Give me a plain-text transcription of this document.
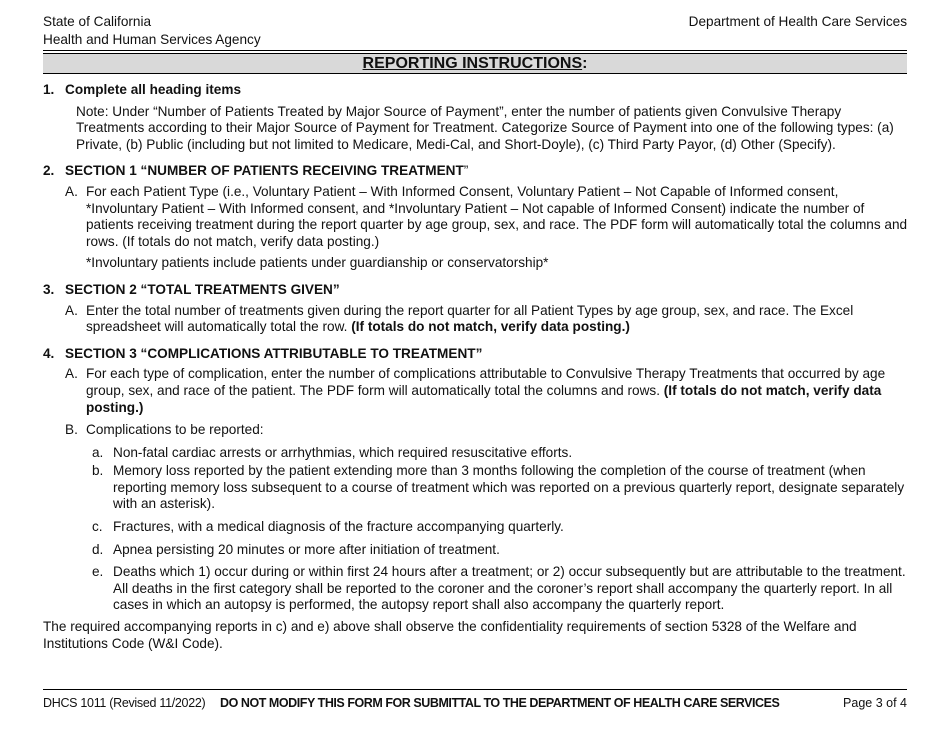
State of California
Health and Human Services Agency
Department of Health Care Services
REPORTING INSTRUCTIONS:
1. Complete all heading items
Note: Under “Number of Patients Treated by Major Source of Payment”, enter the number of patients given Convulsive Therapy Treatments according to their Major Source of Payment for Treatment. Categorize Source of Payment into one of the following types: (a) Private, (b) Public (including but not limited to Medicare, Medi-Cal, and Short-Doyle), (c) Third Party Payor, (d) Other (Specify).
2. SECTION 1 “NUMBER OF PATIENTS RECEIVING TREATMENT”
A. For each Patient Type (i.e., Voluntary Patient – With Informed Consent, Voluntary Patient – Not Capable of Informed consent, *Involuntary Patient – With Informed consent, and *Involuntary Patient – Not capable of Informed Consent) indicate the number of patients receiving treatment during the report quarter by age group, sex, and race. The PDF form will automatically total the columns and rows. (If totals do not match, verify data posting.)
*Involuntary patients include patients under guardianship or conservatorship*
3. SECTION 2 “TOTAL TREATMENTS GIVEN”
A. Enter the total number of treatments given during the report quarter for all Patient Types by age group, sex, and race. The Excel spreadsheet will automatically total the row. (If totals do not match, verify data posting.)
4. SECTION 3 “COMPLICATIONS ATTRIBUTABLE TO TREATMENT”
A. For each type of complication, enter the number of complications attributable to Convulsive Therapy Treatments that occurred by age group, sex, and race of the patient. The PDF form will automatically total the columns and rows. (If totals do not match, verify data posting.)
B. Complications to be reported:
a. Non-fatal cardiac arrests or arrhythmias, which required resuscitative efforts.
b. Memory loss reported by the patient extending more than 3 months following the completion of the course of treatment (when reporting memory loss subsequent to a course of treatment which was reported on a previous quarterly report, designate separately with an asterisk).
c. Fractures, with a medical diagnosis of the fracture accompanying quarterly.
d. Apnea persisting 20 minutes or more after initiation of treatment.
e. Deaths which 1) occur during or within first 24 hours after a treatment; or 2) occur subsequently but are attributable to the treatment. All deaths in the first category shall be reported to the coroner and the coroner’s report shall accompany the quarterly report. In all cases in which an autopsy is performed, the autopsy report shall also accompany the quarterly report.
The required accompanying reports in c) and e) above shall observe the confidentiality requirements of section 5328 of the Welfare and Institutions Code (W&I Code).
DHCS 1011 (Revised 11/2022) DO NOT MODIFY THIS FORM FOR SUBMITTAL TO THE DEPARTMENT OF HEALTH CARE SERVICES	Page 3 of 4
